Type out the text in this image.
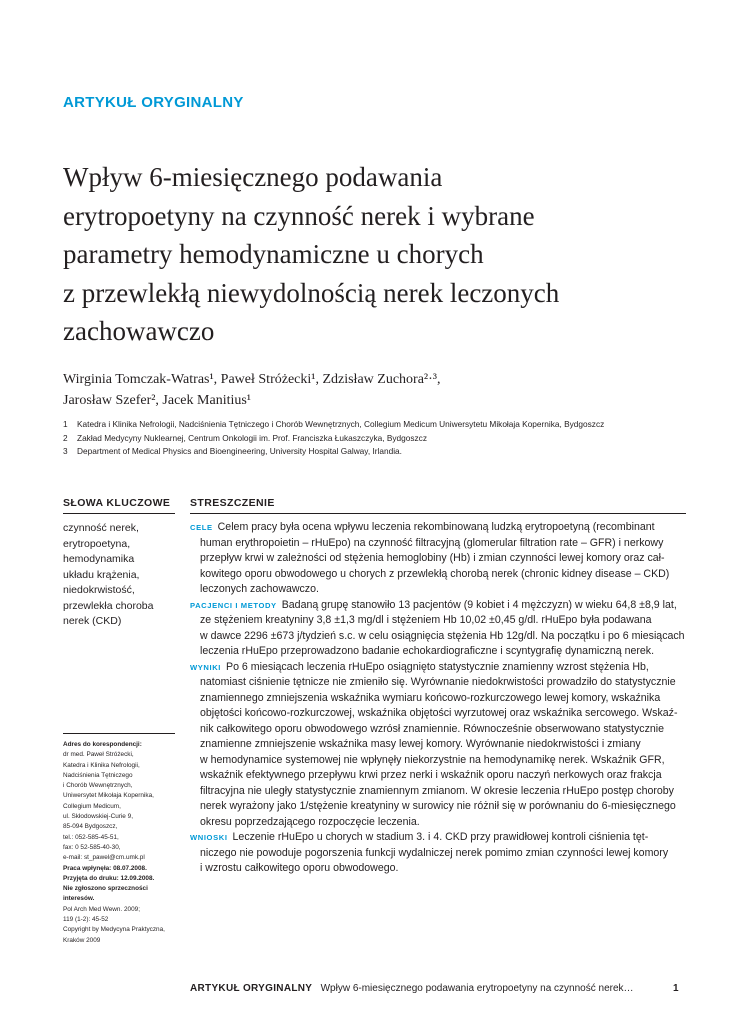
ARTYKUŁ ORYGINALNY
Wpływ 6-miesięcznego podawania
erytropoetyny na czynność nerek i wybrane
parametry hemodynamiczne u chorych
z przewlekłą niewydolnością nerek leczonych
zachowawczo
Wirginia Tomczak-Watras¹, Paweł Stróżecki¹, Zdzisław Zuchora²·³,
Jarosław Szefer², Jacek Manitius¹
1	Katedra i Klinika Nefrologii, Nadciśnienia Tętniczego i Chorób Wewnętrznych, Collegium Medicum Uniwersytetu Mikołaja Kopernika, Bydgoszcz
2	Zakład Medycyny Nuklearnej, Centrum Onkologii im. Prof. Franciszka Łukaszczyka, Bydgoszcz
3	Department of Medical Physics and Bioengineering, University Hospital Galway, Irlandia.
SŁOWA KLUCZOWE
czynność nerek,
erytropoetyna,
hemodynamika
układu krążenia,
niedokrwistość,
przewlekła choroba
nerek (CKD)
Adres do korespondencji:
dr med. Paweł Stróżecki,
Katedra i Klinika Nefrologii,
Nadciśnienia Tętniczego
i Chorób Wewnętrznych,
Uniwersytet Mikołaja Kopernika,
Collegium Medicum,
ul. Skłodowskiej-Curie 9,
85-094 Bydgoszcz,
tel.: 052-585-45-51,
fax: 0 52-585-40-30,
e-mail: st_pawel@cm.umk.pl
Praca wpłynęła: 08.07.2008.
Przyjęta do druku: 12.09.2008.
Nie zgłoszono sprzeczności
interesów.
Pol Arch Med Wewn. 2009;
119 (1-2): 45-52
Copyright by Medycyna Praktyczna,
Kraków 2009
STRESZCZENIE

CELE Celem pracy była ocena wpływu leczenia rekombinowaną ludzką erytropoetyną (recombinant
human erythropoietin – rHuEpo) na czynność filtracyjną (glomerular filtration rate – GFR) i nerkowy
przepływ krwi w zależności od stężenia hemoglobiny (Hb) i zmian czynności lewej komory oraz cał-
kowitego oporu obwodowego u chorych z przewlekłą chorobą nerek (chronic kidney disease – CKD)
leczonych zachowawczo.

PACJENCI I METODY Badaną grupę stanowiło 13 pacjentów (9 kobiet i 4 mężczyzn) w wieku 64,8 ±8,9 lat,
ze stężeniem kreatyniny 3,8 ±1,3 mg/dl i stężeniem Hb 10,02 ±0,45 g/dl. rHuEpo była podawana
w dawce 2296 ±673 j/tydzień s.c. w celu osiągnięcia stężenia Hb 12g/dl. Na początku i po 6 miesiącach
leczenia rHuEpo przeprowadzono badanie echokardiograficzne i scyntygrafię dynamiczną nerek.

WYNIKI Po 6 miesiącach leczenia rHuEpo osiągnięto statystycznie znamienny wzrost stężenia Hb,
natomiast ciśnienie tętnicze nie zmieniło się. Wyrównanie niedokrwistości prowadziło do statystycznie
znamiennego zmniejszenia wskaźnika wymiaru końcowo-rozkurczowego lewej komory, wskaźnika
objętości końcowo-rozkurczowej, wskaźnika objętości wyrzutowej oraz wskaźnika sercowego. Wskaź-
nik całkowitego oporu obwodowego wzrósł znamiennie. Równocześnie obserwowano statystycznie
znamienne zmniejszenie wskaźnika masy lewej komory. Wyrównanie niedokrwistości i zmiany
w hemodynamice systemowej nie wpłynęły niekorzystnie na hemodynamikę nerek. Wskaźnik GFR,
wskaźnik efektywnego przepływu krwi przez nerki i wskaźnik oporu naczyń nerkowych oraz frakcja
filtracyjna nie uległy statystycznie znamiennym zmianom. W okresie leczenia rHuEpo postęp choroby
nerek wyrażony jako 1/stężenie kreatyniny w surowicy nie różnił się w porównaniu do 6-miesięcznego
okresu poprzedzającego rozpoczęcie leczenia.

WNIOSKI Leczenie rHuEpo u chorych w stadium 3. i 4. CKD przy prawidłowej kontroli ciśnienia tęt-
niczego nie powoduje pogorszenia funkcji wydalniczej nerek pomimo zmian czynności lewej komory
i wzrostu całkowitego oporu obwodowego.

ARTYKUŁ ORYGINALNY Wpływ 6-miesięcznego podawania erytropoetyny na czynność nerek…	1
